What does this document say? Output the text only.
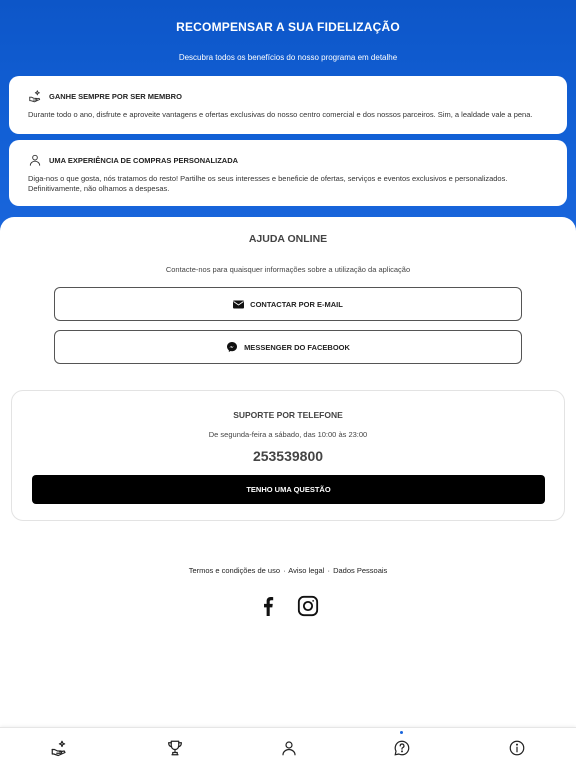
RECOMPENSAR A SUA FIDELIZAÇÃO
Descubra todos os benefícios do nosso programa em detalhe
GANHE SEMPRE POR SER MEMBRO
Durante todo o ano, disfrute e aproveite vantagens e ofertas exclusivas do nosso centro comercial e dos nossos parceiros. Sim, a lealdade vale a pena.
UMA EXPERIÊNCIA DE COMPRAS PERSONALIZADA
Diga-nos o que gosta, nós tratamos do resto! Partilhe os seus interesses e beneficie de ofertas, serviços e eventos exclusivos e personalizados.
Definitivamente, não olhamos a despesas.
AJUDA ONLINE
Contacte-nos para quaisquer informações sobre a utilização da aplicação
CONTACTAR POR E-MAIL
MESSENGER DO FACEBOOK
SUPORTE POR TELEFONE
De segunda-feira a sábado, das 10:00 às 23:00
253539800
TENHO UMA QUESTÃO
Termos e condições de uso · Aviso legal · Dados Pessoais
